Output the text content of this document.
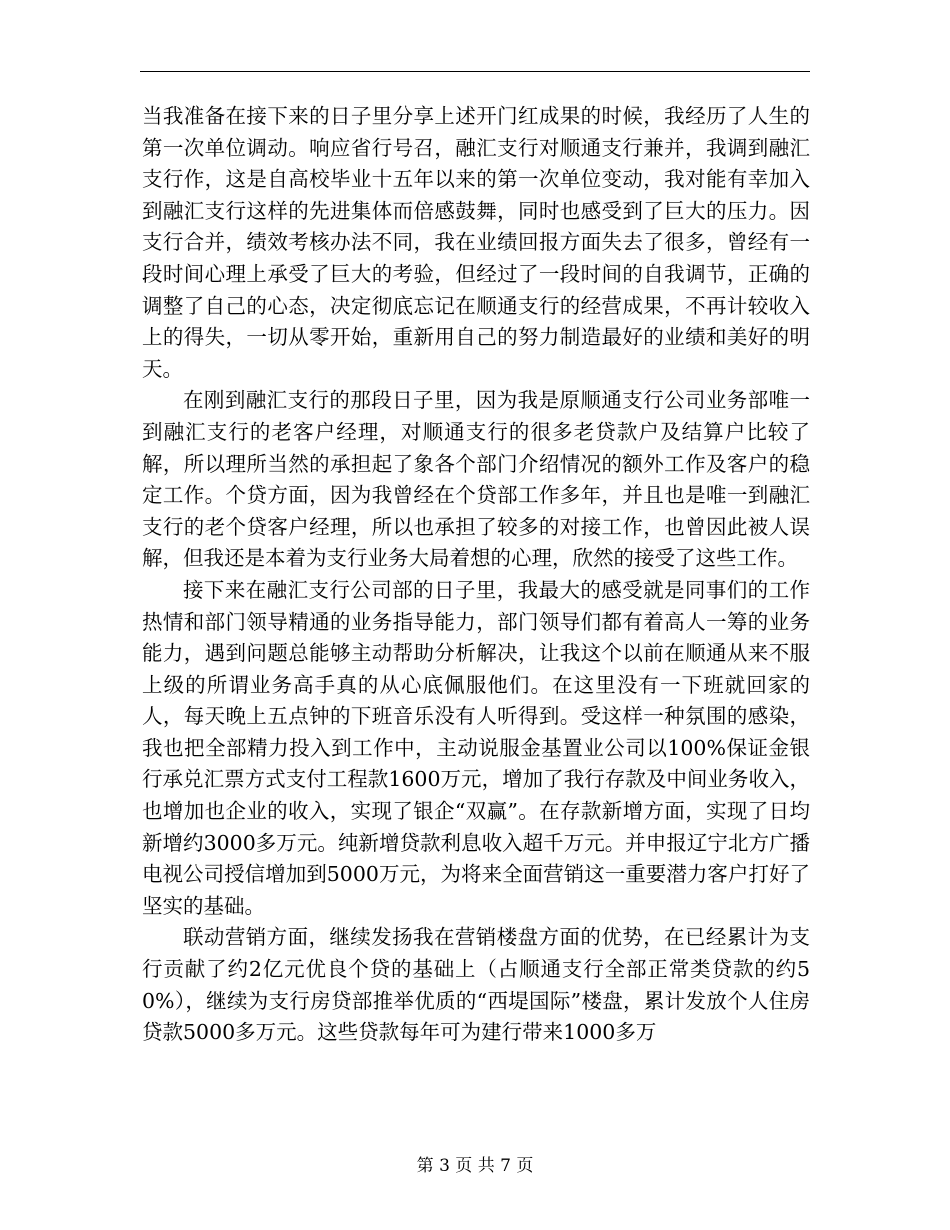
当我准备在接下来的日子里分享上述开门红成果的时候，我经历了人生的第一次单位调动。响应省行号召，融汇支行对顺通支行兼并，我调到融汇支行作，这是自高校毕业十五年以来的第一次单位变动，我对能有幸加入到融汇支行这样的先进集体而倍感鼓舞，同时也感受到了巨大的压力。因支行合并，绩效考核办法不同，我在业绩回报方面失去了很多，曾经有一段时间心理上承受了巨大的考验，但经过了一段时间的自我调节，正确的调整了自己的心态，决定彻底忘记在顺通支行的经营成果，不再计较收入上的得失，一切从零开始，重新用自己的努力制造最好的业绩和美好的明天。

在刚到融汇支行的那段日子里，因为我是原顺通支行公司业务部唯一到融汇支行的老客户经理，对顺通支行的很多老贷款户及结算户比较了解，所以理所当然的承担起了象各个部门介绍情况的额外工作及客户的稳定工作。个贷方面，因为我曾经在个贷部工作多年，并且也是唯一到融汇支行的老个贷客户经理，所以也承担了较多的对接工作，也曾因此被人误解，但我还是本着为支行业务大局着想的心理，欣然的接受了这些工作。

接下来在融汇支行公司部的日子里，我最大的感受就是同事们的工作热情和部门领导精通的业务指导能力，部门领导们都有着高人一筹的业务能力，遇到问题总能够主动帮助分析解决，让我这个以前在顺通从来不服上级的所谓业务高手真的从心底佩服他们。在这里没有一下班就回家的人，每天晚上五点钟的下班音乐没有人听得到。受这样一种氛围的感染，我也把全部精力投入到工作中，主动说服金基置业公司以100%保证金银行承兑汇票方式支付工程款1600万元，增加了我行存款及中间业务收入，也增加也企业的收入，实现了银企“双赢”。在存款新增方面，实现了日均新增约3000多万元。纯新增贷款利息收入超千万元。并申报辽宁北方广播电视公司授信增加到5000万元，为将来全面营销这一重要潜力客户打好了坚实的基础。

联动营销方面，继续发扬我在营销楼盘方面的优势，在已经累计为支行贡献了约2亿元优良个贷的基础上（占顺通支行全部正常类贷款的约50%），继续为支行房贷部推举优质的“西堤国际”楼盘，累计发放个人住房贷款5000多万元。这些贷款每年可为建行带来1000多万

第 3 页 共 7 页
